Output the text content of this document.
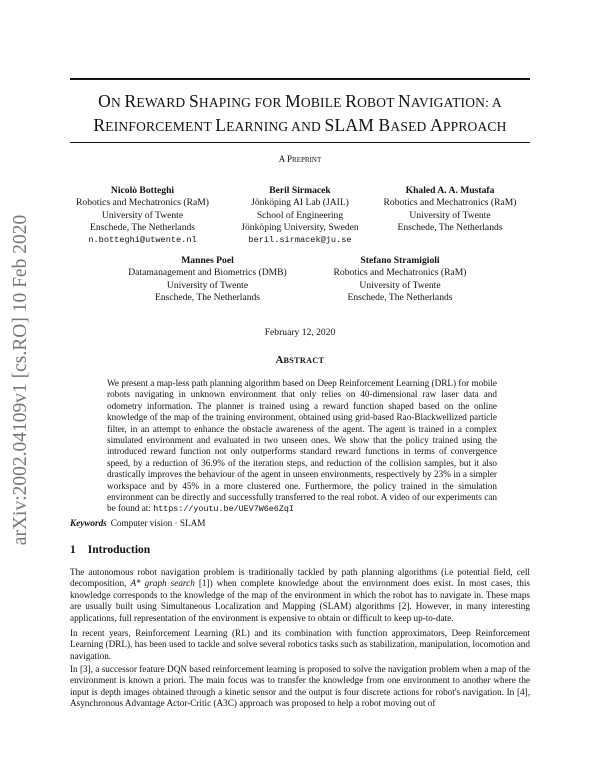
arXiv:2002.04109v1 [cs.RO] 10 Feb 2020
ON REWARD SHAPING FOR MOBILE ROBOT NAVIGATION: A
REINFORCEMENT LEARNING AND SLAM BASED APPROACH
A PREPRINT
Nicolò Botteghi
Robotics and Mechatronics (RaM)
University of Twente
Enschede, The Netherlands
n.botteghi@utwente.nl
Beril Sirmacek
Jönköping AI Lab (JAIL)
School of Engineering
Jönköping University, Sweden
beril.sirmacek@ju.se
Khaled A. A. Mustafa
Robotics and Mechatronics (RaM)
University of Twente
Enschede, The Netherlands
Mannes Poel
Datamanagement and Biometrics (DMB)
University of Twente
Enschede, The Netherlands
Stefano Stramigioli
Robotics and Mechatronics (RaM)
University of Twente
Enschede, The Netherlands
February 12, 2020
ABSTRACT
We present a map-less path planning algorithm based on Deep Reinforcement Learning (DRL) for mobile robots navigating in unknown environment that only relies on 40-dimensional raw laser data and odometry information. The planner is trained using a reward function shaped based on the online knowledge of the map of the training environment, obtained using grid-based Rao-Blackwellized particle filter, in an attempt to enhance the obstacle awareness of the agent. The agent is trained in a complex simulated environment and evaluated in two unseen ones. We show that the policy trained using the introduced reward function not only outperforms standard reward functions in terms of convergence speed, by a reduction of 36.9% of the iteration steps, and reduction of the collision samples, but it also drastically improves the behaviour of the agent in unseen environments, respectively by 23% in a simpler workspace and by 45% in a more clustered one. Furthermore, the policy trained in the simulation environment can be directly and successfully transferred to the real robot. A video of our experiments can be found at: https://youtu.be/UEV7W6e6ZqI
Keywords Computer vision · SLAM
1 Introduction

The autonomous robot navigation problem is traditionally tackled by path planning algorithms (i.e potential field, cell decomposition, A* graph search [1]) when complete knowledge about the environment does exist. In most cases, this knowledge corresponds to the knowledge of the map of the environment in which the robot has to navigate in. These maps are usually built using Simultaneous Localization and Mapping (SLAM) algorithms [2]. However, in many interesting applications, full representation of the environment is expensive to obtain or difficult to keep up-to-date.

In recent years, Reinforcement Learning (RL) and its combination with function approximators, Deep Reinforcement Learning (DRL), has been used to tackle and solve several robotics tasks such as stabilization, manipulation, locomotion and navigation.

In [3], a successor feature DQN based reinforcement learning is proposed to solve the navigation problem when a map of the environment is known a priori. The main focus was to transfer the knowledge from one environment to another where the input is depth images obtained through a kinetic sensor and the output is four discrete actions for robot's navigation. In [4], Asynchronous Advantage Actor-Critic (A3C) approach was proposed to help a robot moving out of
